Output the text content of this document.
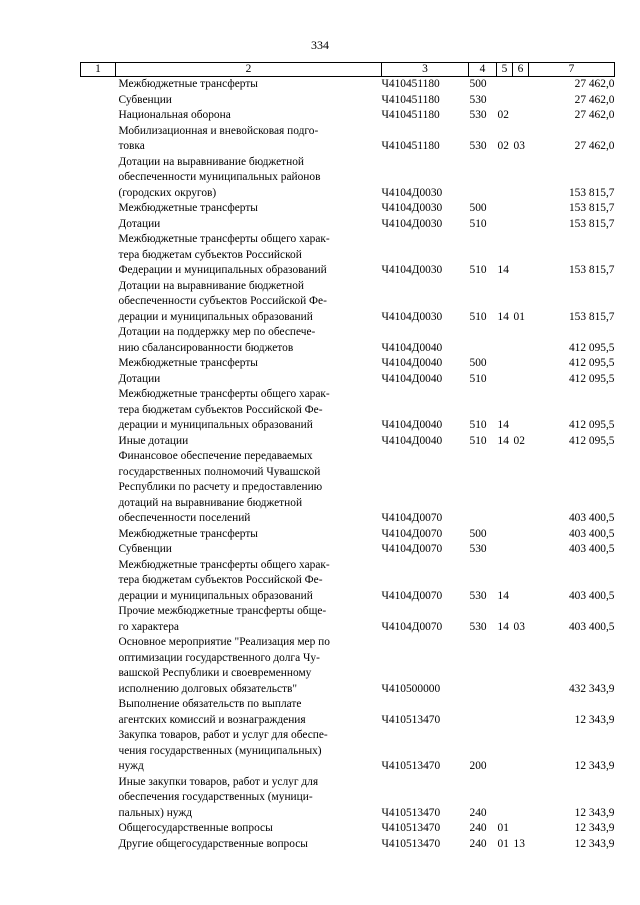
334
1	2	3	4	5	6	7

	Межбюджетные трансферты	Ч410451180	500			27 462,0

	Субвенции	Ч410451180	530			27 462,0

	Национальная оборона	Ч410451180	530	02		27 462,0

	Мобилизационная и вневойсковая подго-
товка	Ч410451180	530	02	03	27 462,0

	Дотации на выравнивание бюджетной
обеспеченности муниципальных районов
(городских округов)	Ч4104Д0030				153 815,7

	Межбюджетные трансферты	Ч4104Д0030	500			153 815,7

	Дотации	Ч4104Д0030	510			153 815,7

	Межбюджетные трансферты общего харак-
тера бюджетам субъектов Российской
Федерации и муниципальных образований	Ч4104Д0030	510	14		153 815,7

	Дотации на выравнивание бюджетной
обеспеченности субъектов Российской Фе-
дерации и муниципальных образований	Ч4104Д0030	510	14	01	153 815,7

	Дотации на поддержку мер по обеспече-
нию сбалансированности бюджетов	Ч4104Д0040				412 095,5

	Межбюджетные трансферты	Ч4104Д0040	500			412 095,5

	Дотации	Ч4104Д0040	510			412 095,5

	Межбюджетные трансферты общего харак-
тера бюджетам субъектов Российской Фе-
дерации и муниципальных образований	Ч4104Д0040	510	14		412 095,5

	Иные дотации	Ч4104Д0040	510	14	02	412 095,5

	Финансовое обеспечение передаваемых
государственных полномочий Чувашской
Республики по расчету и предоставлению
дотаций на выравнивание бюджетной
обеспеченности поселений	Ч4104Д0070				403 400,5

	Межбюджетные трансферты	Ч4104Д0070	500			403 400,5

	Субвенции	Ч4104Д0070	530			403 400,5

	Межбюджетные трансферты общего харак-
тера бюджетам субъектов Российской Фе-
дерации и муниципальных образований	Ч4104Д0070	530	14		403 400,5

	Прочие межбюджетные трансферты обще-
го характера	Ч4104Д0070	530	14	03	403 400,5

	Основное мероприятие "Реализация мер по
оптимизации государственного долга Чу-
вашской Республики и своевременному
исполнению долговых обязательств"	Ч410500000				432 343,9

	Выполнение обязательств по выплате
агентских комиссий и вознаграждения	Ч410513470				12 343,9

	Закупка товаров, работ и услуг для обеспе-
чения государственных (муниципальных)
нужд	Ч410513470	200			12 343,9

	Иные закупки товаров, работ и услуг для
обеспечения государственных (муници-
пальных) нужд	Ч410513470	240			12 343,9

	Общегосударственные вопросы	Ч410513470	240	01		12 343,9

	Другие общегосударственные вопросы	Ч410513470	240	01	13	12 343,9
